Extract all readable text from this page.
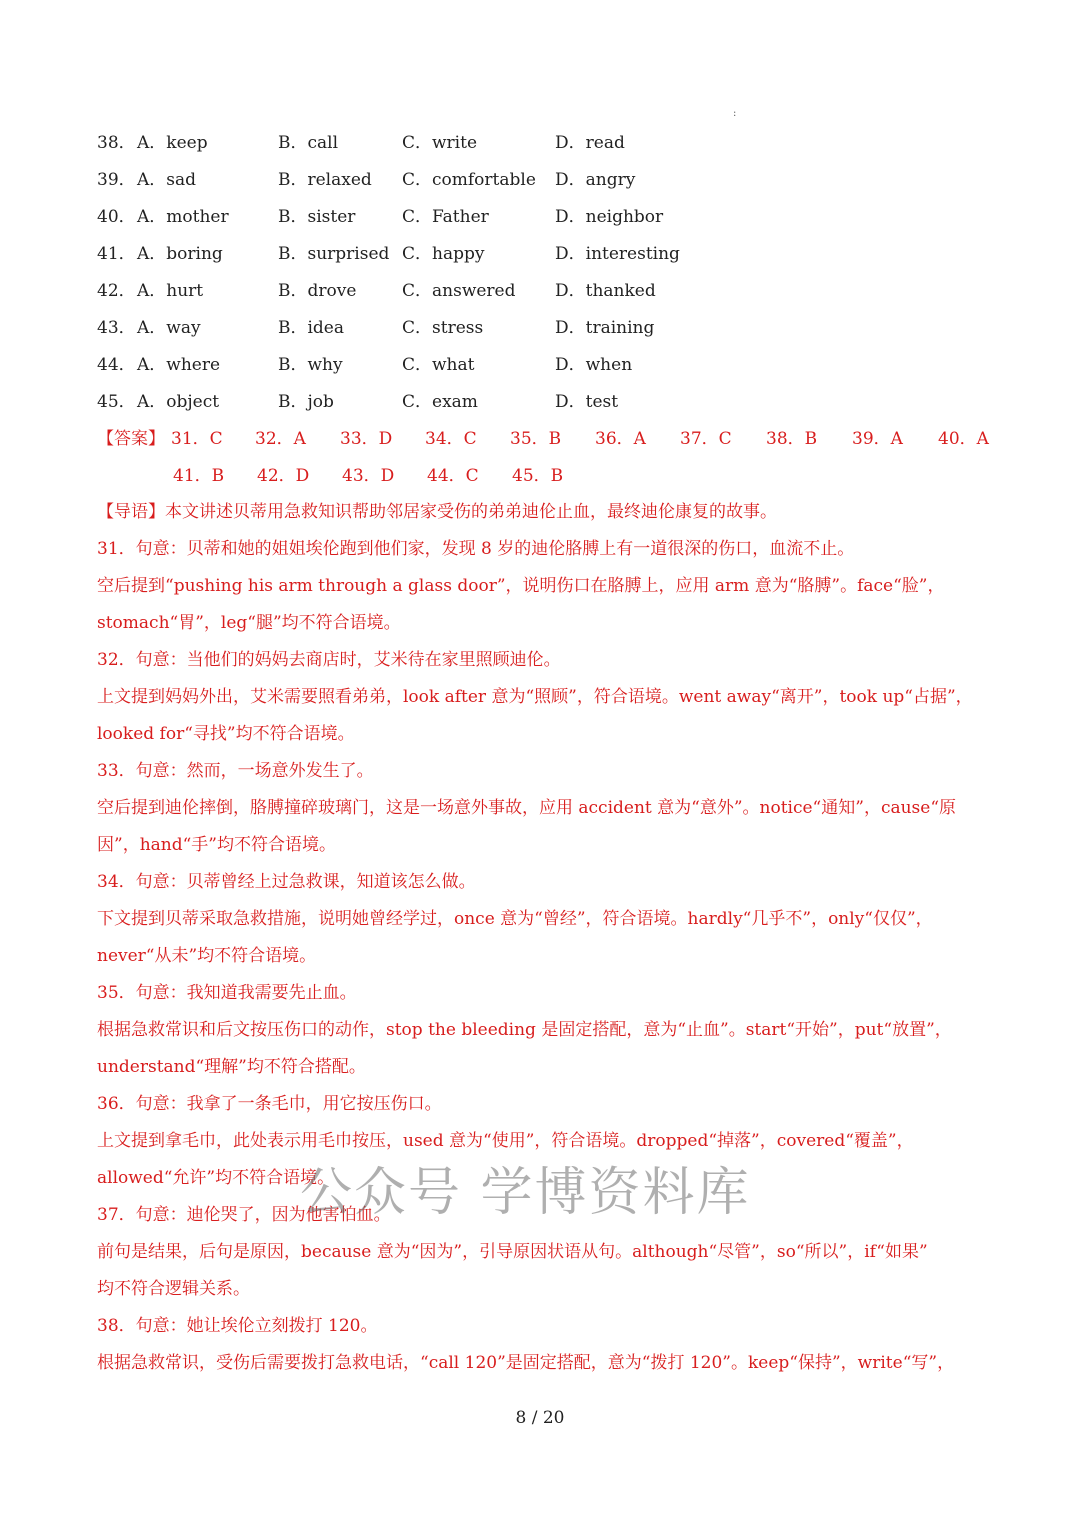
:
38． A．keep	B．call	C．write	D．read
39． A．sad	B．relaxed C．comfortable D．angry
40． A．mother	B．sister	C．Father	D．neighbor
41． A．boring	B．surprised C．happy	D．interesting
42． A．hurt	B．drove	C．answered D．thanked
43． A．way	B．idea	C．stress	D．training
44． A．where	B．why	C．what	D．when
45． A．object	B．job	C．exam	D．test
【答案】 31．C 32．A 33．D 34．C 35．B 36．A 37．C 38．B 39．A 40．A
41．B 42．D 43．D 44．C 45．B
【导语】本文讲述贝蒂用急救知识帮助邻居家受伤的弟弟迪伦止血，最终迪伦康复的故事。
31．句意：贝蒂和她的姐姐埃伦跑到他们家，发现 8 岁的迪伦胳膊上有一道很深的伤口，血流不止。
空后提到“pushing his arm through a glass door”，说明伤口在胳膊上，应用 arm 意为“胳膊”。face“脸”，
stomach“胃”，leg“腿”均不符合语境。
32．句意：当他们的妈妈去商店时，艾米待在家里照顾迪伦。
上文提到妈妈外出，艾米需要照看弟弟，look after 意为“照顾”，符合语境。went away“离开”，took up“占据”，
looked for“寻找”均不符合语境。
33．句意：然而，一场意外发生了。
空后提到迪伦摔倒，胳膊撞碎玻璃门，这是一场意外事故，应用 accident 意为“意外”。notice“通知”，cause“原
因”，hand“手”均不符合语境。
34．句意：贝蒂曾经上过急救课，知道该怎么做。
下文提到贝蒂采取急救措施，说明她曾经学过，once 意为“曾经”，符合语境。hardly“几乎不”，only“仅仅”，
never“从未”均不符合语境。
35．句意：我知道我需要先止血。
根据急救常识和后文按压伤口的动作，stop the bleeding 是固定搭配，意为“止血”。start“开始”，put“放置”，
understand“理解”均不符合搭配。
36．句意：我拿了一条毛巾，用它按压伤口。
上文提到拿毛巾，此处表示用毛巾按压，used 意为“使用”，符合语境。dropped“掉落”，covered“覆盖”，
allowed“允许”均不符合语境。
37．句意：迪伦哭了，因为他害怕血。
前句是结果，后句是原因，because 意为“因为”，引导原因状语从句。although“尽管”，so“所以”，if“如果”
均不符合逻辑关系。
38．句意：她让埃伦立刻拨打 120。
根据急救常识，受伤后需要拨打急救电话，“call 120”是固定搭配，意为“拨打 120”。keep“保持”，write“写”，
公众号 学博资料库
8 / 20
